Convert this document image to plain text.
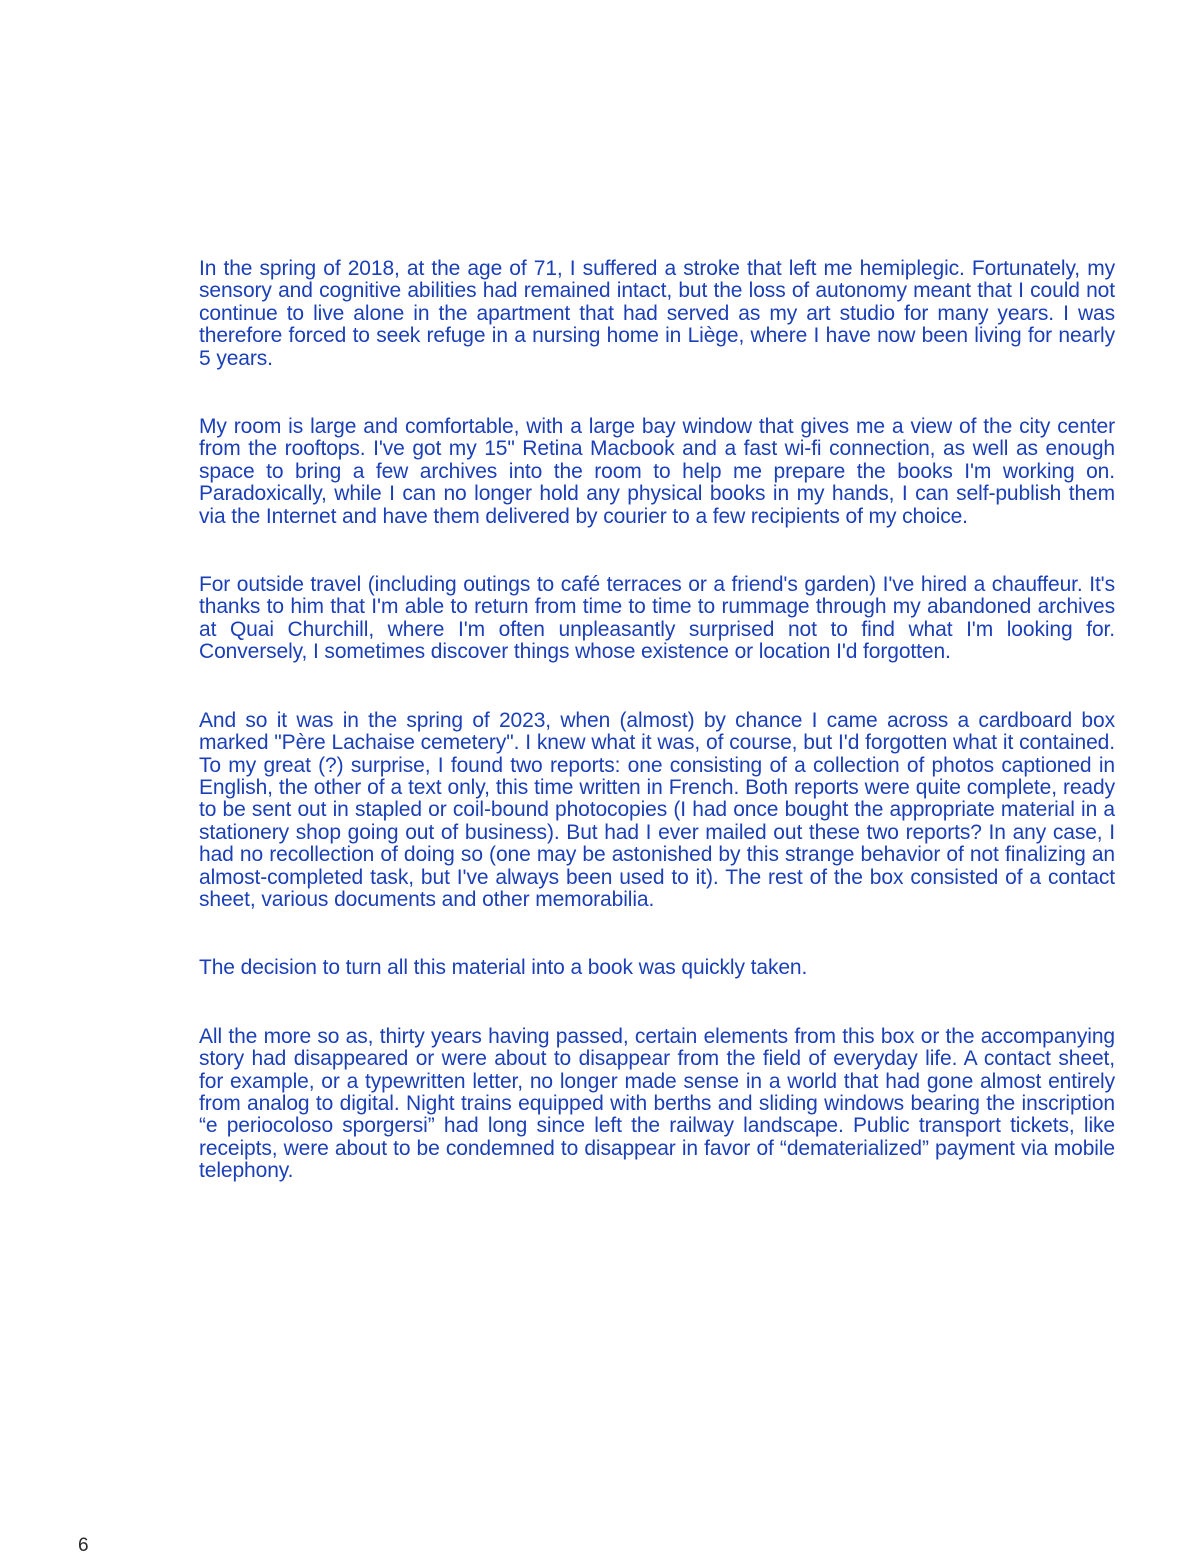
In the spring of 2018, at the age of 71, I suffered a stroke that left me hemiplegic. Fortunately, my sensory and cognitive abilities had remained intact, but the loss of autonomy meant that I could not continue to live alone in the apartment that had served as my art studio for many years. I was therefore forced to seek refuge in a nursing home in Liège, where I have now been living for nearly 5 years.

My room is large and comfortable, with a large bay window that gives me a view of the city center from the rooftops. I've got my 15" Retina Macbook and a fast wi-fi connection, as well as enough space to bring a few archives into the room to help me prepare the books I'm working on. Paradoxically, while I can no longer hold any physical books in my hands, I can self-publish them via the Internet and have them delivered by courier to a few recipients of my choice.

For outside travel (including outings to café terraces or a friend's garden) I've hired a chauffeur. It's thanks to him that I'm able to return from time to time to rummage through my abandoned archives at Quai Churchill, where I'm often unpleasantly surprised not to find what I'm looking for. Conversely, I sometimes discover things whose existence or location I'd forgotten.

And so it was in the spring of 2023, when (almost) by chance I came across a cardboard box marked "Père Lachaise cemetery". I knew what it was, of course, but I'd forgotten what it contained. To my great (?) surprise, I found two reports: one consisting of a collection of photos captioned in English, the other of a text only, this time written in French. Both reports were quite complete, ready to be sent out in stapled or coil-bound photocopies (I had once bought the appropriate material in a stationery shop going out of business). But had I ever mailed out these two reports? In any case, I had no recollection of doing so (one may be astonished by this strange behavior of not finalizing an almost-completed task, but I've always been used to it). The rest of the box consisted of a contact sheet, various documents and other memorabilia.

The decision to turn all this material into a book was quickly taken.

All the more so as, thirty years having passed, certain elements from this box or the accompanying story had disappeared or were about to disappear from the field of everyday life. A contact sheet, for example, or a typewritten letter, no longer made sense in a world that had gone almost entirely from analog to digital. Night trains equipped with berths and sliding windows bearing the inscription “e periocoloso sporgersi” had long since left the railway landscape. Public transport tickets, like receipts, were about to be condemned to disappear in favor of “dematerialized” payment via mobile telephony.

6
